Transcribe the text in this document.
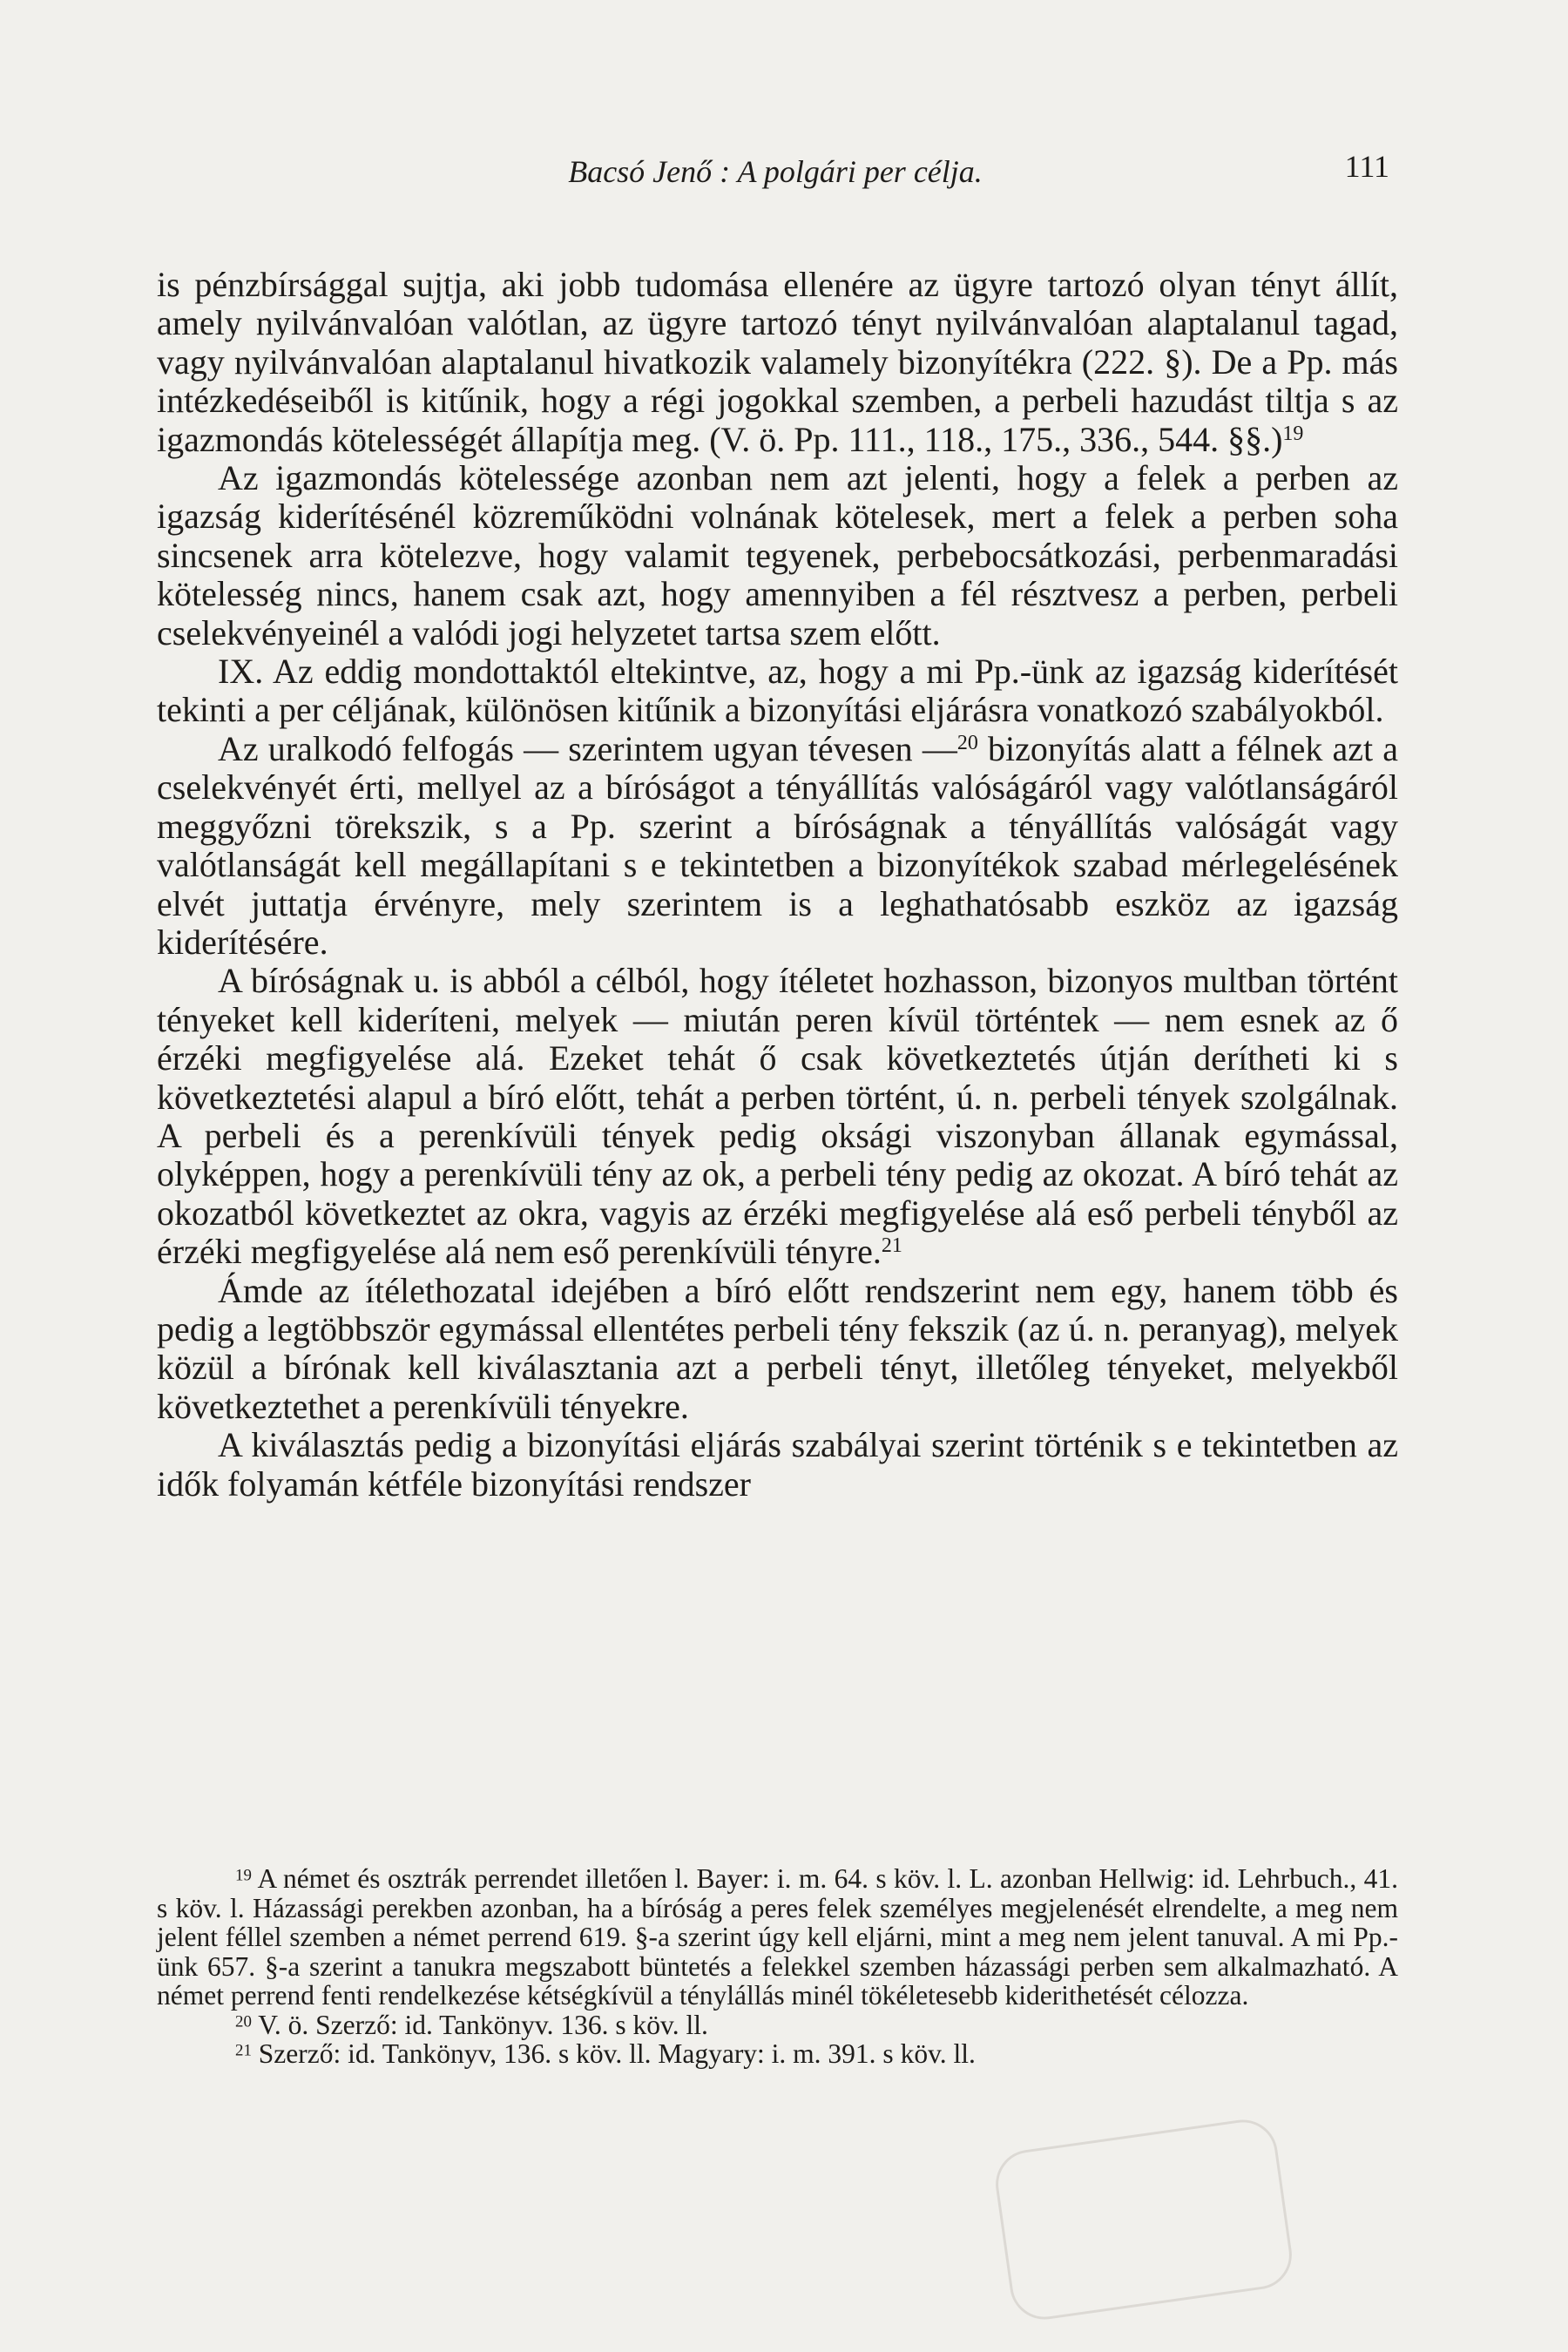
Bacsó Jenő : A polgári per célja.	111

is pénzbírsággal sujtja, aki jobb tudomása ellenére az ügyre tartozó olyan tényt állít, amely nyilvánvalóan valótlan, az ügyre tartozó tényt nyilvánvalóan alaptalanul tagad, vagy nyilvánvalóan alaptalanul hivatkozik valamely bizonyítékra (222. §). De a Pp. más intézkedéseiből is kitűnik, hogy a régi jogokkal szemben, a perbeli hazudást tiltja s az igazmondás kötelességét állapítja meg. (V. ö. Pp. 111., 118., 175., 336., 544. §§.)$^{19}$

Az igazmondás kötelessége azonban nem azt jelenti, hogy a felek a perben az igazság kiderítésénél közreműködni volnának kötelesek, mert a felek a perben soha sincsenek arra kötelezve, hogy valamit tegyenek, perbebocsátkozási, perbenmaradási kötelesség nincs, hanem csak azt, hogy amennyiben a fél résztvesz a perben, perbeli cselekvényeinél a valódi jogi helyzetet tartsa szem előtt.

IX. Az eddig mondottaktól eltekintve, az, hogy a mi Pp.-ünk az igazság kiderítését tekinti a per céljának, különösen kitűnik a bizonyítási eljárásra vonatkozó szabályokból.

Az uralkodó felfogás — szerintem ugyan tévesen —$^{20}$ bizonyítás alatt a félnek azt a cselekvényét érti, mellyel az a bíróságot a tényállítás valóságáról vagy valótlanságáról meggyőzni törekszik, s a Pp. szerint a bíróságnak a tényállítás valóságát vagy valótlanságát kell megállapítani s e tekintetben a bizonyítékok szabad mérlegelésének elvét juttatja érvényre, mely szerintem is a leghathatósabb eszköz az igazság kiderítésére.

A bíróságnak u. is abból a célból, hogy ítéletet hozhasson, bizonyos multban történt tényeket kell kideríteni, melyek — miután peren kívül történtek — nem esnek az ő érzéki megfigyelése alá. Ezeket tehát ő csak következtetés útján derítheti ki s következtetési alapul a bíró előtt, tehát a perben történt, ú. n. perbeli tények szolgálnak. A perbeli és a perenkívüli tények pedig oksági viszonyban állanak egymással, olyképpen, hogy a perenkívüli tény az ok, a perbeli tény pedig az okozat. A bíró tehát az okozatból következtet az okra, vagyis az érzéki megfigyelése alá eső perbeli tényből az érzéki megfigyelése alá nem eső perenkívüli tényre.$^{21}$

Ámde az ítélethozatal idejében a bíró előtt rendszerint nem egy, hanem több és pedig a legtöbbször egymással ellentétes perbeli tény fekszik (az ú. n. peranyag), melyek közül a bírónak kell kiválasztania azt a perbeli tényt, illetőleg tényeket, melyekből következtethet a perenkívüli tényekre.

A kiválasztás pedig a bizonyítási eljárás szabályai szerint történik s e tekintetben az idők folyamán kétféle bizonyítási rendszer

$^{19}$ A német és osztrák perrendet illetően l. Bayer: i. m. 64. s köv. l. L. azonban Hellwig: id. Lehrbuch., 41. s köv. l. Házassági perekben azonban, ha a bíróság a peres felek személyes megjelenését elrendelte, a meg nem jelent féllel szemben a német perrend 619. §-a szerint úgy kell eljárni, mint a meg nem jelent tanuval. A mi Pp.-ünk 657. §-a szerint a tanukra megszabott büntetés a felekkel szemben házassági perben sem alkalmazható. A német perrend fenti rendelkezése kétségkívül a ténylállás minél tökéletesebb kiderithetését célozza.

$^{20}$ V. ö. Szerző: id. Tankönyv. 136. s köv. ll.

$^{21}$ Szerző: id. Tankönyv, 136. s köv. ll. Magyary: i. m. 391. s köv. ll.
